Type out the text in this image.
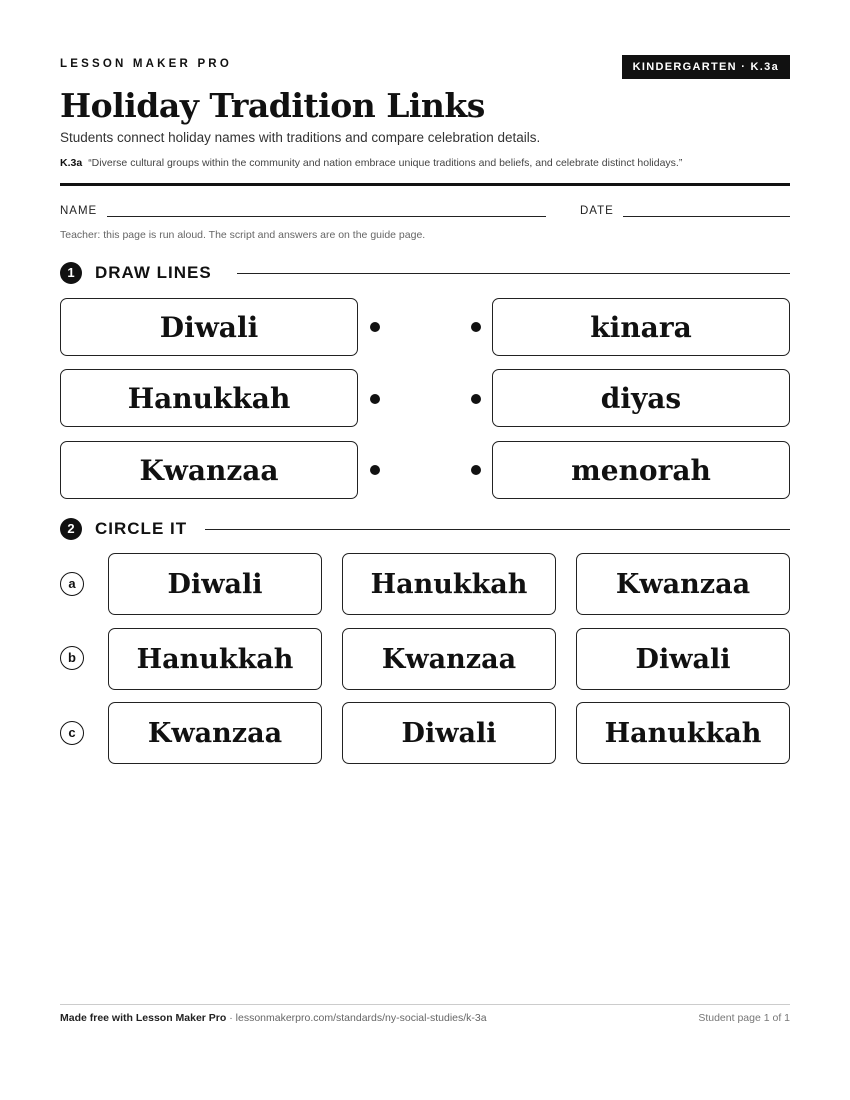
LESSON MAKER PRO	KINDERGARTEN · K.3a
Holiday Tradition Links
Students connect holiday names with traditions and compare celebration details.
K.3a “Diverse cultural groups within the community and nation embrace unique traditions and beliefs, and celebrate distinct holidays.”
NAME	DATE
Teacher: this page is run aloud. The script and answers are on the guide page.
1	DRAW LINES
Diwali	kinara
Hanukkah	diyas
Kwanzaa	menorah
2	CIRCLE IT
a	Diwali	Hanukkah	Kwanzaa
b	Hanukkah	Kwanzaa	Diwali
c	Kwanzaa	Diwali	Hanukkah
Made free with Lesson Maker Pro · lessonmakerpro.com/standards/ny-social-studies/k-3a	Student page 1 of 1
